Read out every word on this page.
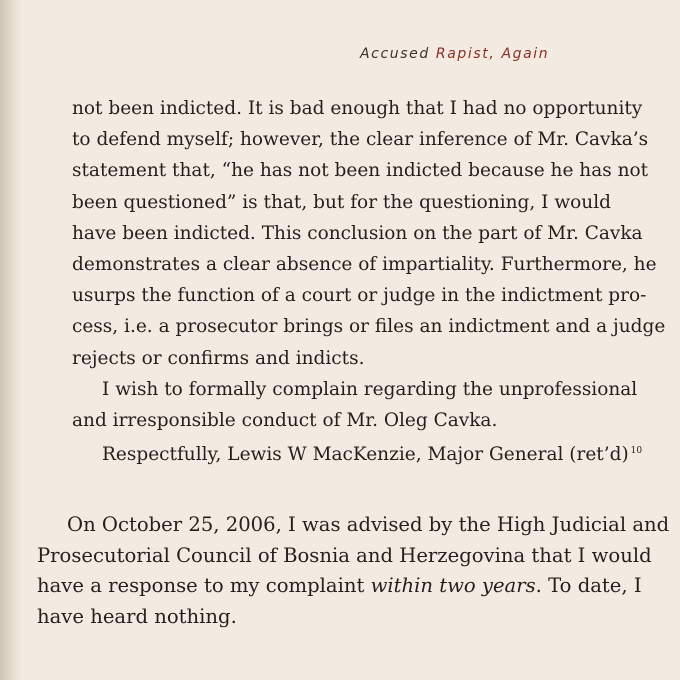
Accused Rapist, Again
not been indicted. It is bad enough that I had no opportunity
to defend myself; however, the clear inference of Mr. Cavka’s
statement that, “he has not been indicted because he has not
been questioned” is that, but for the questioning, I would
have been indicted. This conclusion on the part of Mr. Cavka
demonstrates a clear absence of impartiality. Furthermore, he
usurps the function of a court or judge in the indictment pro-
cess, i.e. a prosecutor brings or files an indictment and a judge
rejects or confirms and indicts.
I wish to formally complain regarding the unprofessional
and irresponsible conduct of Mr. Oleg Cavka.
Respectfully, Lewis W MacKenzie, Major General (ret’d) $^{10}$
On October 25, 2006, I was advised by the High Judicial and
Prosecutorial Council of Bosnia and Herzegovina that I would
have a response to my complaint within two years. To date, I
have heard nothing.
